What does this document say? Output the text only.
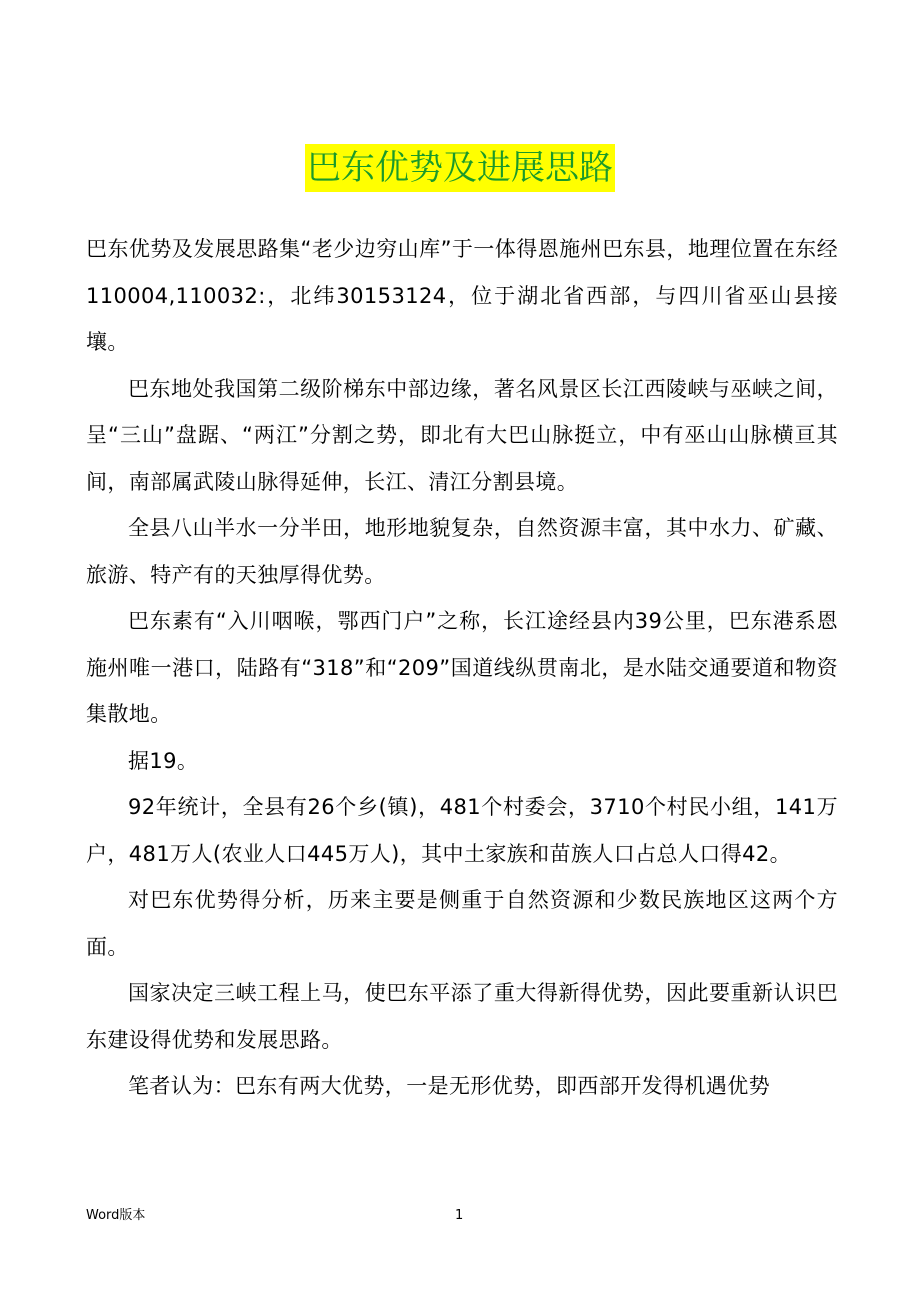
巴东优势及进展思路

巴东优势及发展思路集“老少边穷山库”于一体得恩施州巴东县，地理位置在东经110004,110032:，北纬30153124，位于湖北省西部，与四川省巫山县接壤。

巴东地处我国第二级阶梯东中部边缘，著名风景区长江西陵峡与巫峡之间，呈“三山”盘踞、“两江”分割之势，即北有大巴山脉挺立，中有巫山山脉横亘其间，南部属武陵山脉得延伸，长江、清江分割县境。

全县八山半水一分半田，地形地貌复杂，自然资源丰富，其中水力、矿藏、旅游、特产有的天独厚得优势。

巴东素有“入川咽喉，鄂西门户”之称，长江途经县内39公里，巴东港系恩施州唯一港口，陆路有“318”和“209”国道线纵贯南北，是水陆交通要道和物资集散地。

据19。

92年统计，全县有26个乡(镇)，481个村委会，3710个村民小组，141万户，481万人(农业人口445万人)，其中土家族和苗族人口占总人口得42。

对巴东优势得分析，历来主要是侧重于自然资源和少数民族地区这两个方面。

国家决定三峡工程上马，使巴东平添了重大得新得优势，因此要重新认识巴东建设得优势和发展思路。

笔者认为：巴东有两大优势，一是无形优势，即西部开发得机遇优势

Word版本	1
